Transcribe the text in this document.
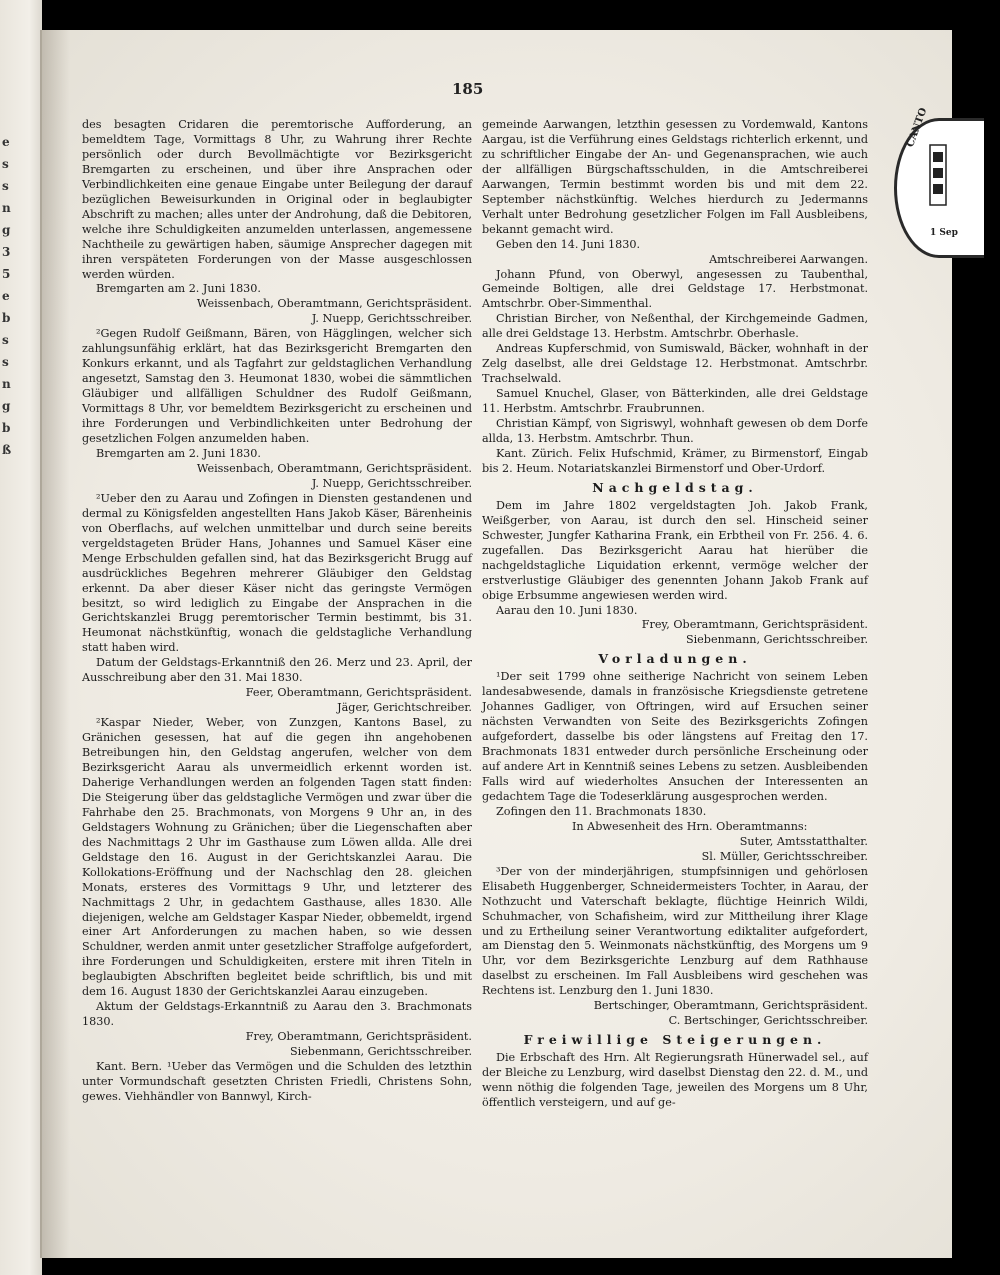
e
s
s
n
g
3
5
e
b
s
s
n
g
b
ß
185

des besagten Cridaren die peremtorische Aufforderung, an bemeldtem Tage, Vormittags 8 Uhr, zu Wahrung ihrer Rechte persönlich oder durch Bevollmächtigte vor Bezirksgericht Bremgarten zu erscheinen, und über ihre Ansprachen oder Verbindlichkeiten eine genaue Eingabe unter Beilegung der darauf bezüglichen Beweisurkunden in Original oder in beglaubigter Abschrift zu machen; alles unter der Androhung, daß die Debitoren, welche ihre Schuldigkeiten anzumelden unterlassen, angemessene Nachtheile zu gewärtigen haben, säumige Ansprecher dagegen mit ihren verspäteten Forderungen von der Masse ausgeschlossen werden würden.

Bremgarten am 2. Juni 1830.

Weissenbach, Oberamtmann, Gerichtspräsident.

J. Nuepp, Gerichtsschreiber.

²Gegen Rudolf Geißmann, Bären, von Hägglingen, welcher sich zahlungsunfähig erklärt, hat das Bezirksgericht Bremgarten den Konkurs erkannt, und als Tagfahrt zur geldstaglichen Verhandlung angesetzt, Samstag den 3. Heumonat 1830, wobei die sämmtlichen Gläubiger und allfälligen Schuldner des Rudolf Geißmann, Vormittags 8 Uhr, vor bemeldtem Bezirksgericht zu erscheinen und ihre Forderungen und Verbindlichkeiten unter Bedrohung der gesetzlichen Folgen anzumelden haben.

Bremgarten am 2. Juni 1830.

Weissenbach, Oberamtmann, Gerichtspräsident.

J. Nuepp, Gerichtsschreiber.

²Ueber den zu Aarau und Zofingen in Diensten gestandenen und dermal zu Königsfelden angestellten Hans Jakob Käser, Bärenheinis von Oberflachs, auf welchen unmittelbar und durch seine bereits vergeldstageten Brüder Hans, Johannes und Samuel Käser eine Menge Erbschulden gefallen sind, hat das Bezirksgericht Brugg auf ausdrückliches Begehren mehrerer Gläubiger den Geldstag erkennt. Da aber dieser Käser nicht das geringste Vermögen besitzt, so wird lediglich zu Eingabe der Ansprachen in die Gerichtskanzlei Brugg peremtorischer Termin bestimmt, bis 31. Heumonat nächstkünftig, wonach die geldstagliche Verhandlung statt haben wird.

Datum der Geldstags-Erkanntniß den 26. Merz und 23. April, der Ausschreibung aber den 31. Mai 1830.

Feer, Oberamtmann, Gerichtspräsident.

Jäger, Gerichtschreiber.

²Kaspar Nieder, Weber, von Zunzgen, Kantons Basel, zu Gränichen gesessen, hat auf die gegen ihn angehobenen Betreibungen hin, den Geldstag angerufen, welcher von dem Bezirksgericht Aarau als unvermeidlich erkennt worden ist. Daherige Verhandlungen werden an folgenden Tagen statt finden: Die Steigerung über das geldstagliche Vermögen und zwar über die Fahrhabe den 25. Brachmonats, von Morgens 9 Uhr an, in des Geldstagers Wohnung zu Gränichen; über die Liegenschaften aber des Nachmittags 2 Uhr im Gasthause zum Löwen allda. Alle drei Geldstage den 16. August in der Gerichtskanzlei Aarau. Die Kollokations-Eröffnung und der Nachschlag den 28. gleichen Monats, ersteres des Vormittags 9 Uhr, und letzterer des Nachmittags 2 Uhr, in gedachtem Gasthause, alles 1830. Alle diejenigen, welche am Geldstager Kaspar Nieder, obbemeldt, irgend einer Art Anforderungen zu machen haben, so wie dessen Schuldner, werden anmit unter gesetzlicher Straffolge aufgefordert, ihre Forderungen und Schuldigkeiten, erstere mit ihren Titeln in beglaubigten Abschriften begleitet beide schriftlich, bis und mit dem 16. August 1830 der Gerichtskanzlei Aarau einzugeben.

Aktum der Geldstags-Erkanntniß zu Aarau den 3. Brachmonats 1830.

Frey, Oberamtmann, Gerichtspräsident.

Siebenmann, Gerichtsschreiber.

Kant. Bern. ¹Ueber das Vermögen und die Schulden des letzthin unter Vormundschaft gesetzten Christen Friedli, Christens Sohn, gewes. Viehhändler von Bannwyl, Kirch-

gemeinde Aarwangen, letzthin gesessen zu Vordemwald, Kantons Aargau, ist die Verführung eines Geldstags richterlich erkennt, und zu schriftlicher Eingabe der An- und Gegenansprachen, wie auch der allfälligen Bürgschaftsschulden, in die Amtschreiberei Aarwangen, Termin bestimmt worden bis und mit dem 22. September nächstkünftig. Welches hierdurch zu Jedermanns Verhalt unter Bedrohung gesetzlicher Folgen im Fall Ausbleibens, bekannt gemacht wird.

Geben den 14. Juni 1830.

Amtschreiberei Aarwangen.

Johann Pfund, von Oberwyl, angesessen zu Taubenthal, Gemeinde Boltigen, alle drei Geldstage 17. Herbstmonat. Amtschrbr. Ober-Simmenthal.

Christian Bircher, von Neßenthal, der Kirchgemeinde Gadmen, alle drei Geldstage 13. Herbstm. Amtschrbr. Oberhasle.

Andreas Kupferschmid, von Sumiswald, Bäcker, wohnhaft in der Zelg daselbst, alle drei Geldstage 12. Herbstmonat. Amtschrbr. Trachselwald.

Samuel Knuchel, Glaser, von Bätterkinden, alle drei Geldstage 11. Herbstm. Amtschrbr. Fraubrunnen.

Christian Kämpf, von Sigriswyl, wohnhaft gewesen ob dem Dorfe allda, 13. Herbstm. Amtschrbr. Thun.

Kant. Zürich. Felix Hufschmid, Krämer, zu Birmenstorf, Eingab bis 2. Heum. Notariatskanzlei Birmenstorf und Ober-Urdorf.

Nachgeldstag.

Dem im Jahre 1802 vergeldstagten Joh. Jakob Frank, Weißgerber, von Aarau, ist durch den sel. Hinscheid seiner Schwester, Jungfer Katharina Frank, ein Erbtheil von Fr. 256. 4. 6. zugefallen. Das Bezirksgericht Aarau hat hierüber die nachgeldstagliche Liquidation erkennt, vermöge welcher der erstverlustige Gläubiger des genennten Johann Jakob Frank auf obige Erbsumme angewiesen werden wird.

Aarau den 10. Juni 1830.

Frey, Oberamtmann, Gerichtspräsident.

Siebenmann, Gerichtsschreiber.

Vorladungen.

¹Der seit 1799 ohne seitherige Nachricht von seinem Leben landesabwesende, damals in französische Kriegsdienste getretene Johannes Gadliger, von Oftringen, wird auf Ersuchen seiner nächsten Verwandten von Seite des Bezirksgerichts Zofingen aufgefordert, dasselbe bis oder längstens auf Freitag den 17. Brachmonats 1831 entweder durch persönliche Erscheinung oder auf andere Art in Kenntniß seines Lebens zu setzen. Ausbleibenden Falls wird auf wiederholtes Ansuchen der Interessenten an gedachtem Tage die Todeserklärung ausgesprochen werden.

Zofingen den 11. Brachmonats 1830.

In Abwesenheit des Hrn. Oberamtmanns:

Suter, Amtsstatthalter.

Sl. Müller, Gerichtsschreiber.

³Der von der minderjährigen, stumpfsinnigen und gehörlosen Elisabeth Huggenberger, Schneidermeisters Tochter, in Aarau, der Nothzucht und Vaterschaft beklagte, flüchtige Heinrich Wildi, Schuhmacher, von Schafisheim, wird zur Mittheilung ihrer Klage und zu Ertheilung seiner Verantwortung ediktaliter aufgefordert, am Dienstag den 5. Weinmonats nächstkünftig, des Morgens um 9 Uhr, vor dem Bezirksgerichte Lenzburg auf dem Rathhause daselbst zu erscheinen. Im Fall Ausbleibens wird geschehen was Rechtens ist. Lenzburg den 1. Juni 1830.

Bertschinger, Oberamtmann, Gerichtspräsident.

C. Bertschinger, Gerichtsschreiber.

Freiwillige Steigerungen.

Die Erbschaft des Hrn. Alt Regierungsrath Hünerwadel sel., auf der Bleiche zu Lenzburg, wird daselbst Dienstag den 22. d. M., und wenn nöthig die folgenden Tage, jeweilen des Morgens um 8 Uhr, öffentlich versteigern, und auf ge-

CANTO
1 Sep
